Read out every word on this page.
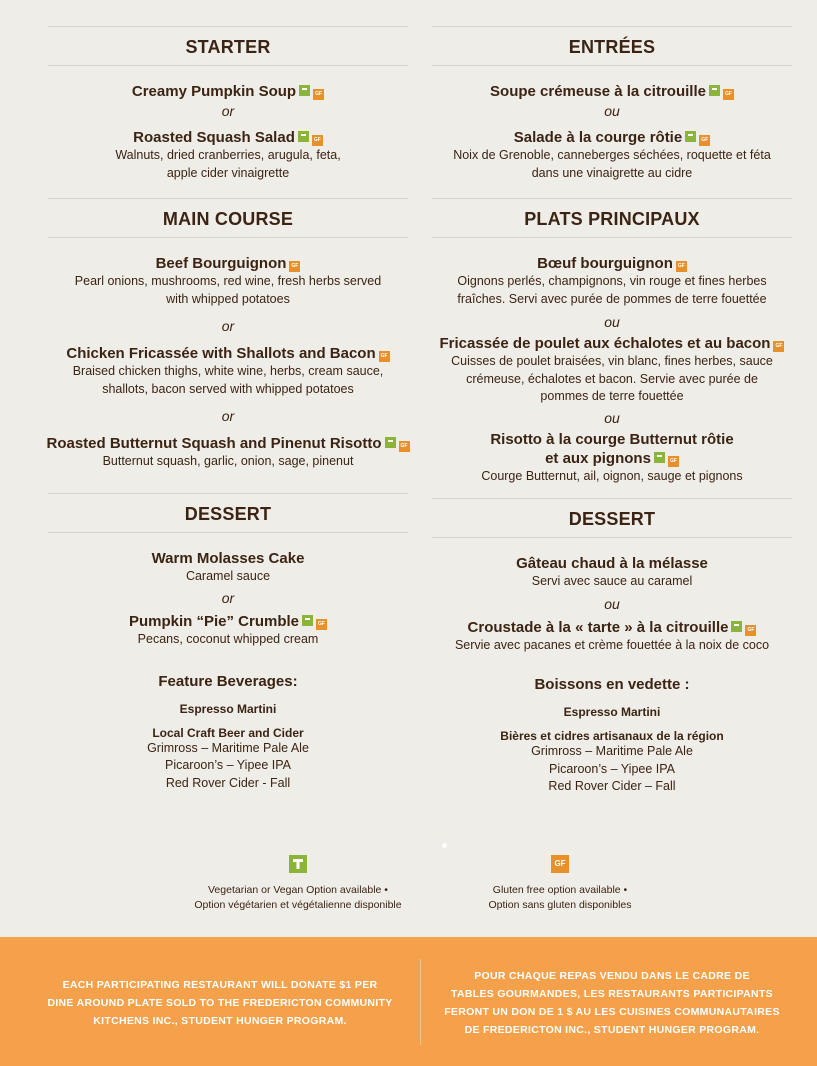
STARTER
Creamy Pumpkin Soup	GF
or
Roasted Squash Salad	GF
Walnuts, dried cranberries, arugula, feta,
apple cider vinaigrette
MAIN COURSE
Beef Bourguignon GF
Pearl onions, mushrooms, red wine, fresh herbs served
with whipped potatoes
or
Chicken Fricassée with Shallots and Bacon GF
Braised chicken thighs, white wine, herbs, cream sauce,
shallots, bacon served with whipped potatoes
or
Roasted Butternut Squash and Pinenut Risotto	GF
Butternut squash, garlic, onion, sage, pinenut
DESSERT
Warm Molasses Cake
Caramel sauce
or
Pumpkin “Pie” Crumble	GF
Pecans, coconut whipped cream
Feature Beverages:
Espresso Martini
Local Craft Beer and Cider
Grimross – Maritime Pale Ale
Picaroon’s – Yipee IPA
Red Rover Cider - Fall
ENTRÉES
Soupe crémeuse à la citrouille	GF
ou
Salade à la courge rôtie	GF
Noix de Grenoble, canneberges séchées, roquette et féta
dans une vinaigrette au cidre
PLATS PRINCIPAUX
Bœuf bourguignon GF
Oignons perlés, champignons, vin rouge et fines herbes
fraîches. Servi avec purée de pommes de terre fouettée
ou
Fricassée de poulet aux échalotes et au bacon GF
Cuisses de poulet braisées, vin blanc, fines herbes, sauce
crémeuse, échalotes et bacon. Servie avec purée de
pommes de terre fouettée
ou
Risotto à la courge Butternut rôtie
et aux pignons	GF
Courge Butternut, ail, oignon, sauge et pignons
DESSERT
Gâteau chaud à la mélasse
Servi avec sauce au caramel
ou
Croustade à la « tarte » à la citrouille	GF
Servie avec pacanes et crème fouettée à la noix de coco
Boissons en vedette :
Espresso Martini
Bières et cidres artisanaux de la région
Grimross – Maritime Pale Ale
Picaroon’s – Yipee IPA
Red Rover Cider – Fall
Vegetarian or Vegan Option available •
Option végétarien et végétalienne disponible
GF
Gluten free option available •
Option sans gluten disponibles
EACH PARTICIPATING RESTAURANT WILL DONATE $1 PER
DINE AROUND PLATE SOLD TO THE FREDERICTON COMMUNITY
KITCHENS INC., STUDENT HUNGER PROGRAM.
POUR CHAQUE REPAS VENDU DANS LE CADRE DE
TABLES GOURMANDES, LES RESTAURANTS PARTICIPANTS
FERONT UN DON DE 1 $ AU LES CUISINES COMMUNAUTAIRES
DE FREDERICTON INC., STUDENT HUNGER PROGRAM.
